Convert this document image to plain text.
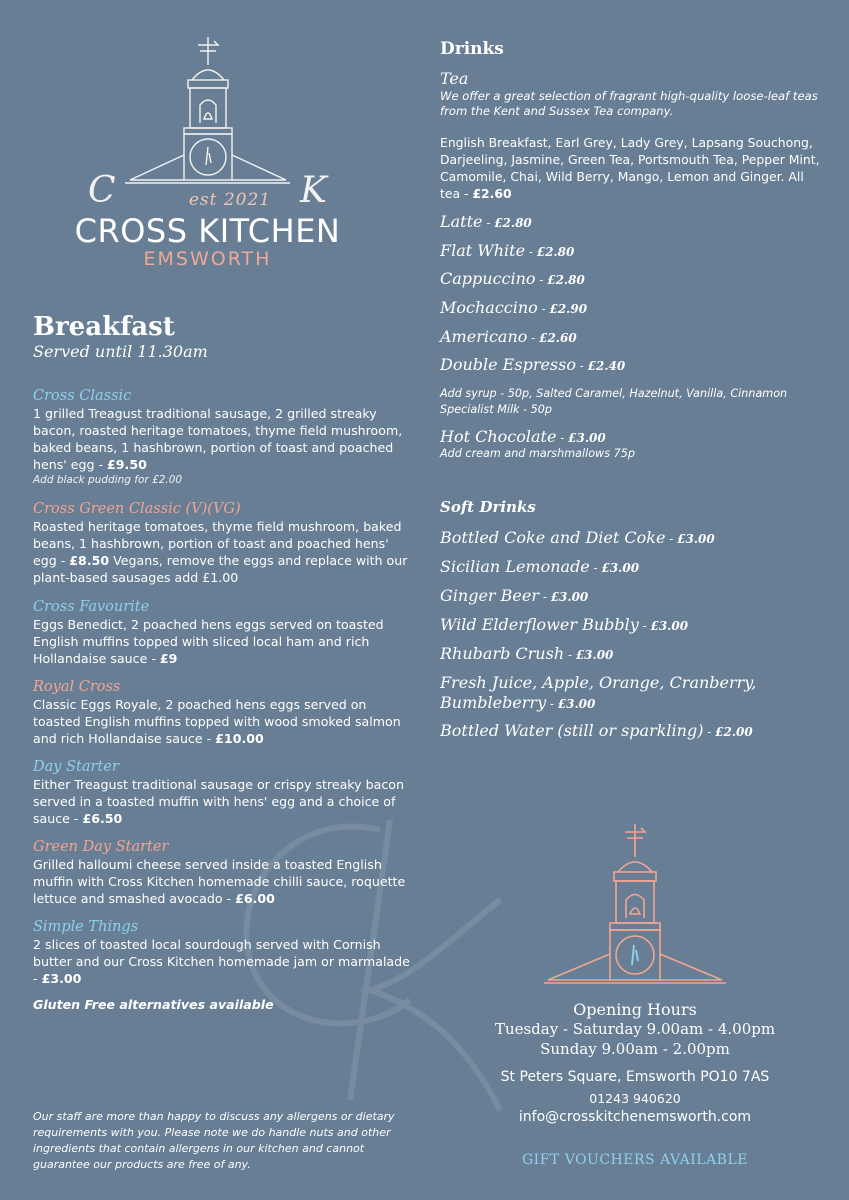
C	K
est 2021
CROSS KITCHEN
EMSWORTH
Breakfast
Served until 11.30am
Cross Classic
1 grilled Treagust traditional sausage, 2 grilled streaky bacon, roasted heritage tomatoes, thyme field mushroom, baked beans, 1 hashbrown, portion of toast and poached hens' egg - £9.50
Add black pudding for £2.00
Cross Green Classic (V)(VG)
Roasted heritage tomatoes, thyme field mushroom, baked beans, 1 hashbrown, portion of toast and poached hens' egg - £8.50 Vegans, remove the eggs and replace with our plant-based sausages add £1.00
Cross Favourite
Eggs Benedict, 2 poached hens eggs served on toasted English muffins topped with sliced local ham and rich Hollandaise sauce - £9
Royal Cross
Classic Eggs Royale, 2 poached hens eggs served on toasted English muffins topped with wood smoked salmon and rich Hollandaise sauce - £10.00
Day Starter
Either Treagust traditional sausage or crispy streaky bacon served in a toasted muffin with hens' egg and a choice of sauce - £6.50
Green Day Starter
Grilled halloumi cheese served inside a toasted English muffin with Cross Kitchen homemade chilli sauce, roquette lettuce and smashed avocado - £6.00
Simple Things
2 slices of toasted local sourdough served with Cornish butter and our Cross Kitchen homemade jam or marmalade - £3.00
Gluten Free alternatives available
Our staff are more than happy to discuss any allergens or dietary requirements with you. Please note we do handle nuts and other ingredients that contain allergens in our kitchen and cannot guarantee our products are free of any.
Drinks
Tea
We offer a great selection of fragrant high-quality loose-leaf teas from the Kent and Sussex Tea company.
English Breakfast, Earl Grey, Lady Grey, Lapsang Souchong, Darjeeling, Jasmine, Green Tea, Portsmouth Tea, Pepper Mint, Camomile, Chai, Wild Berry, Mango, Lemon and Ginger. All tea - £2.60
Latte - £2.80
Flat White - £2.80
Cappuccino - £2.80
Mochaccino - £2.90
Americano - £2.60
Double Espresso - £2.40
Add syrup - 50p, Salted Caramel, Hazelnut, Vanilla, Cinnamon
Specialist Milk - 50p
Hot Chocolate - £3.00
Add cream and marshmallows 75p
Soft Drinks
Bottled Coke and Diet Coke - £3.00
Sicilian Lemonade - £3.00
Ginger Beer - £3.00
Wild Elderflower Bubbly - £3.00
Rhubarb Crush - £3.00
Fresh Juice, Apple, Orange, Cranberry,
Bumbleberry - £3.00
Bottled Water (still or sparkling) - £2.00
Opening Hours
Tuesday - Saturday 9.00am - 4.00pm
Sunday 9.00am - 2.00pm
St Peters Square, Emsworth PO10 7AS
01243 940620
info@crosskitchenemsworth.com
GIFT VOUCHERS AVAILABLE
